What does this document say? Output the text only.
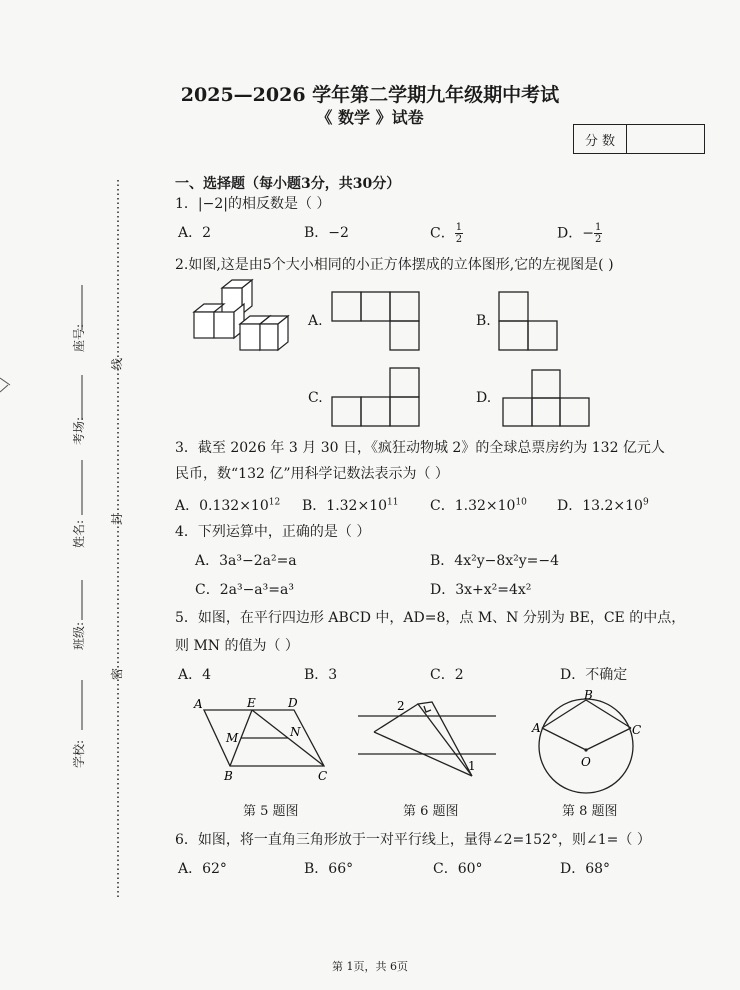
座号:
考场:
姓名:
班级:
学校:
线
封
密
2025—2026 学年第二学期九年级期中考试
《 数学 》试卷
分 数
一、选择题（每小题3分，共30分）
1．|−2|的相反数是（ ）
A．2	B．−2	C． $\frac{1}{2}$	D．− $\frac{1}{2}$
2.如图,这是由5个大小相同的小正方体摆成的立体图形,它的左视图是( )
A.	B.
C.	D.
3．截至 2026 年 3 月 30 日，《疯狂动物城 2》的全球总票房约为 132 亿元人
民币，数“132 亿”用科学记数法表示为（ ）
A．$0.132\times 10^{12}$ B．$1.32\times 10^{11}$ C．$1.32\times 10^{10}$ D．$13.2\times 10^9$
4．下列运算中，正确的是（ ）
A．3a³−2a²=a	B．4x²y−8x²y=−4
C．2a³−a³=a³	D．3x+x²=4x²
5．如图，在平行四边形 ABCD 中，AD=8，点 M、N 分别为 BE，CE 的中点，
则 MN 的值为（ ）
A．4	B．3	C．2	D．不确定
A	E	D
M	N
B	C
第 5 题图
2
1
第 6 题图
B
A	C
O
第 8 题图
6．如图，将一直角三角形放于一对平行线上，量得∠2=152°，则∠1=（ ）
A．62°	B．66°	C．60°	D．68°
第 1页，共 6页
